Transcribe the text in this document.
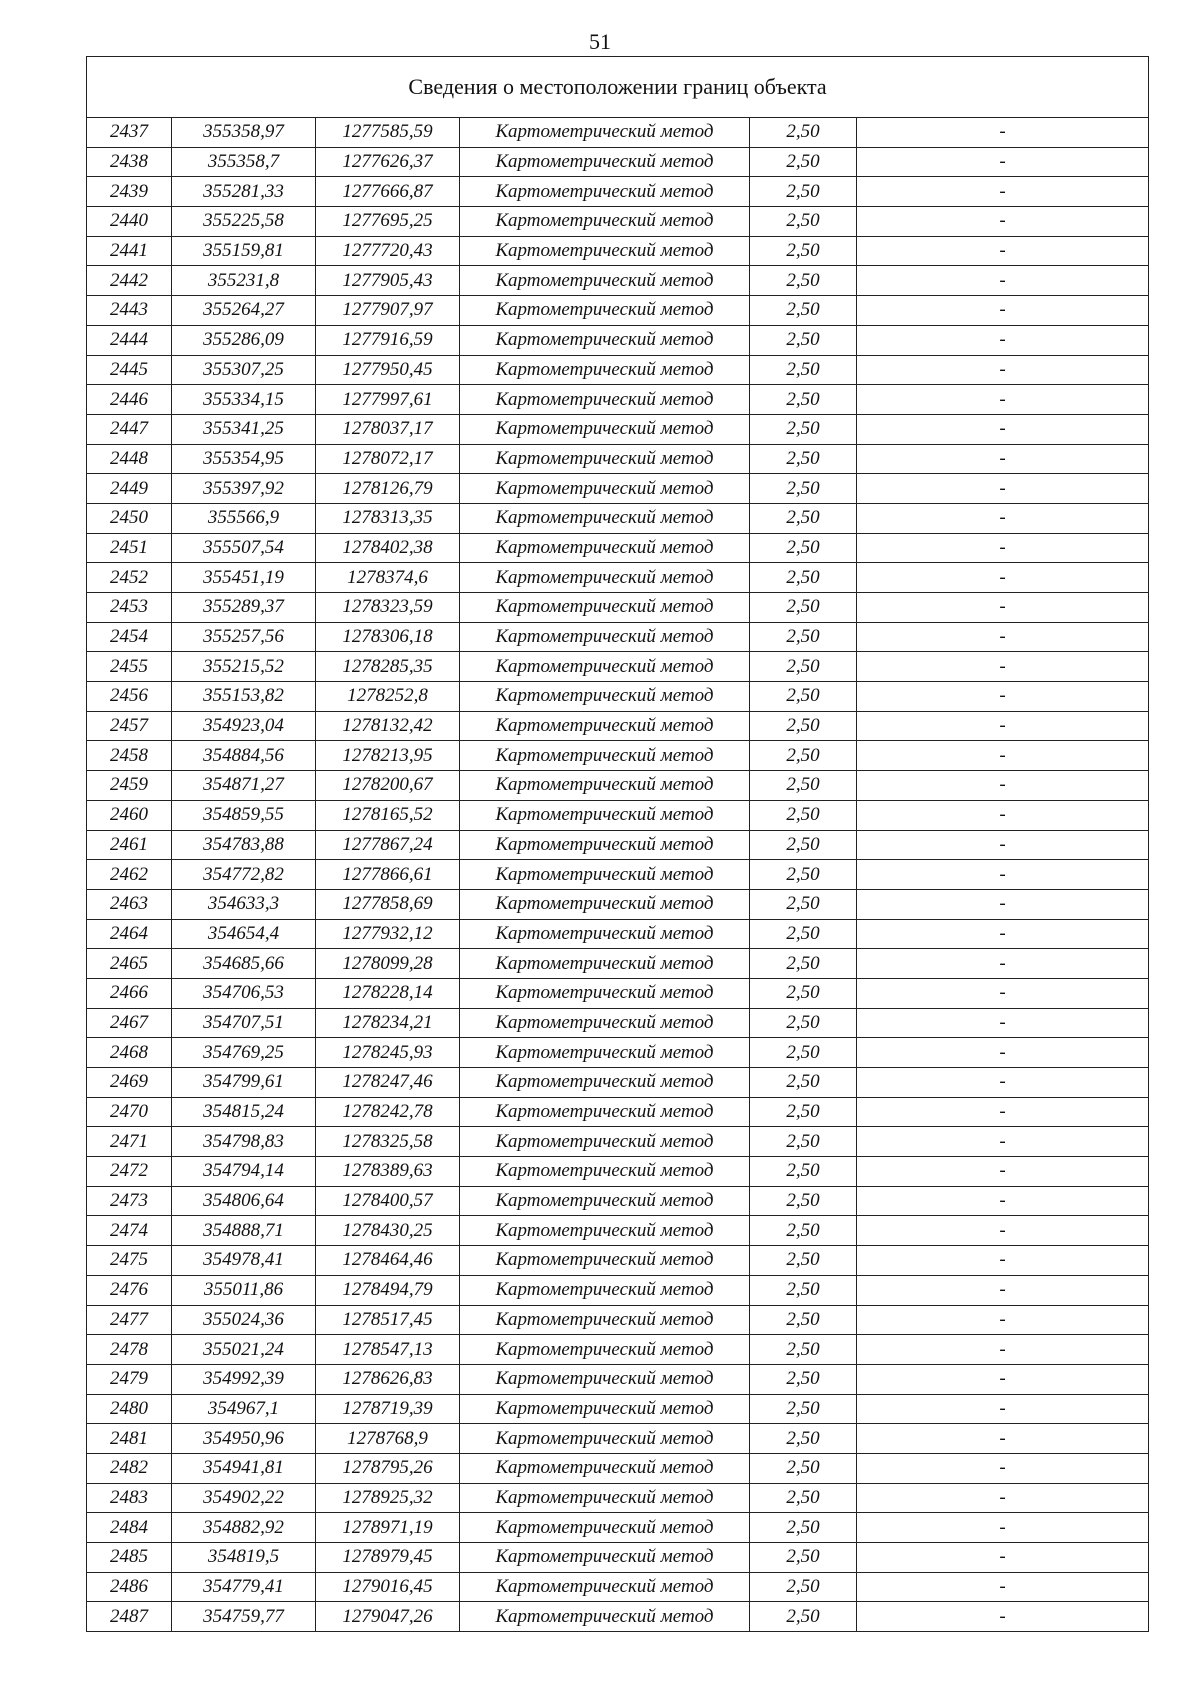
51
Сведения о местоположении границ объекта					
2437	355358,97	1277585,59	Картометрический метод	2,50	-
2438	355358,7	1277626,37	Картометрический метод	2,50	-
2439	355281,33	1277666,87	Картометрический метод	2,50	-
2440	355225,58	1277695,25	Картометрический метод	2,50	-
2441	355159,81	1277720,43	Картометрический метод	2,50	-
2442	355231,8	1277905,43	Картометрический метод	2,50	-
2443	355264,27	1277907,97	Картометрический метод	2,50	-
2444	355286,09	1277916,59	Картометрический метод	2,50	-
2445	355307,25	1277950,45	Картометрический метод	2,50	-
2446	355334,15	1277997,61	Картометрический метод	2,50	-
2447	355341,25	1278037,17	Картометрический метод	2,50	-
2448	355354,95	1278072,17	Картометрический метод	2,50	-
2449	355397,92	1278126,79	Картометрический метод	2,50	-
2450	355566,9	1278313,35	Картометрический метод	2,50	-
2451	355507,54	1278402,38	Картометрический метод	2,50	-
2452	355451,19	1278374,6	Картометрический метод	2,50	-
2453	355289,37	1278323,59	Картометрический метод	2,50	-
2454	355257,56	1278306,18	Картометрический метод	2,50	-
2455	355215,52	1278285,35	Картометрический метод	2,50	-
2456	355153,82	1278252,8	Картометрический метод	2,50	-
2457	354923,04	1278132,42	Картометрический метод	2,50	-
2458	354884,56	1278213,95	Картометрический метод	2,50	-
2459	354871,27	1278200,67	Картометрический метод	2,50	-
2460	354859,55	1278165,52	Картометрический метод	2,50	-
2461	354783,88	1277867,24	Картометрический метод	2,50	-
2462	354772,82	1277866,61	Картометрический метод	2,50	-
2463	354633,3	1277858,69	Картометрический метод	2,50	-
2464	354654,4	1277932,12	Картометрический метод	2,50	-
2465	354685,66	1278099,28	Картометрический метод	2,50	-
2466	354706,53	1278228,14	Картометрический метод	2,50	-
2467	354707,51	1278234,21	Картометрический метод	2,50	-
2468	354769,25	1278245,93	Картометрический метод	2,50	-
2469	354799,61	1278247,46	Картометрический метод	2,50	-
2470	354815,24	1278242,78	Картометрический метод	2,50	-
2471	354798,83	1278325,58	Картометрический метод	2,50	-
2472	354794,14	1278389,63	Картометрический метод	2,50	-
2473	354806,64	1278400,57	Картометрический метод	2,50	-
2474	354888,71	1278430,25	Картометрический метод	2,50	-
2475	354978,41	1278464,46	Картометрический метод	2,50	-
2476	355011,86	1278494,79	Картометрический метод	2,50	-
2477	355024,36	1278517,45	Картометрический метод	2,50	-
2478	355021,24	1278547,13	Картометрический метод	2,50	-
2479	354992,39	1278626,83	Картометрический метод	2,50	-
2480	354967,1	1278719,39	Картометрический метод	2,50	-
2481	354950,96	1278768,9	Картометрический метод	2,50	-
2482	354941,81	1278795,26	Картометрический метод	2,50	-
2483	354902,22	1278925,32	Картометрический метод	2,50	-
2484	354882,92	1278971,19	Картометрический метод	2,50	-
2485	354819,5	1278979,45	Картометрический метод	2,50	-
2486	354779,41	1279016,45	Картометрический метод	2,50	-
2487	354759,77	1279047,26	Картометрический метод	2,50	-
